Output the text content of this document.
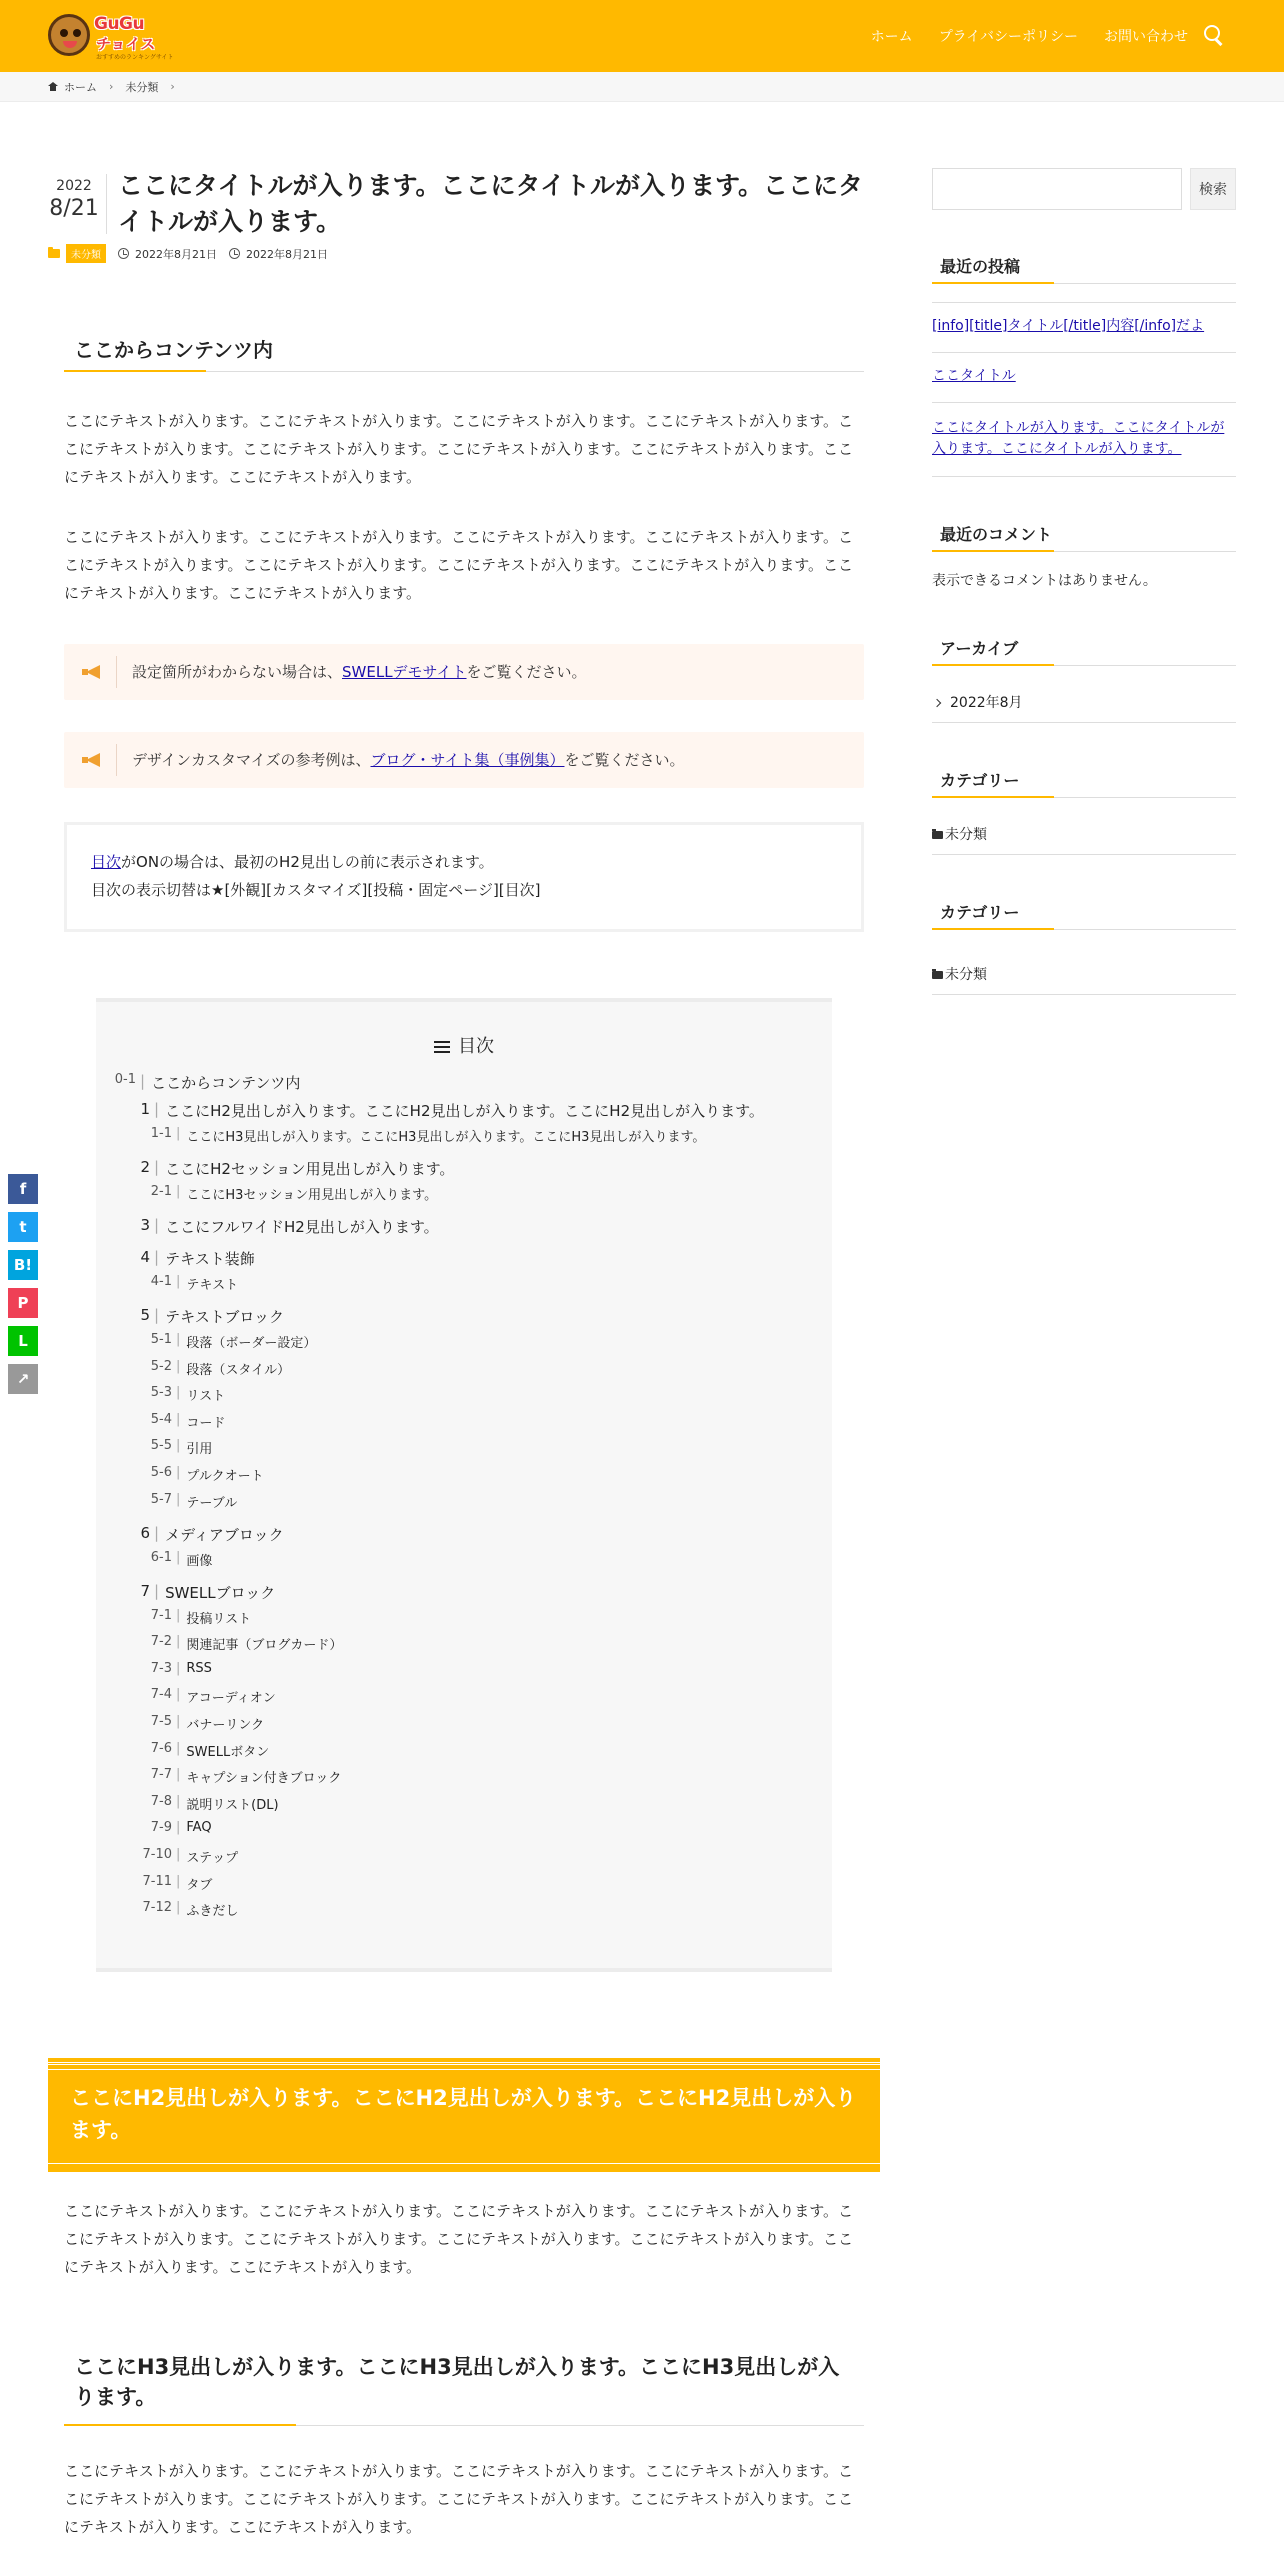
GuGu
チョイス
おすすめのランキングサイト
ホーム プライバシーポリシー お問い合わせ
ホーム › 未分類 ›
2022
8/21
ここにタイトルが入ります。ここにタイトルが入ります。ここにタイトルが入ります。
未分類	2022年8月21日	2022年8月21日
ここからコンテンツ内

ここにテキストが入ります。ここにテキストが入ります。ここにテキストが入ります。ここにテキストが入ります。ここにテキストが入ります。ここにテキストが入ります。ここにテキストが入ります。ここにテキストが入ります。ここにテキストが入ります。ここにテキストが入ります。

ここにテキストが入ります。ここにテキストが入ります。ここにテキストが入ります。ここにテキストが入ります。ここにテキストが入ります。ここにテキストが入ります。ここにテキストが入ります。ここにテキストが入ります。ここにテキストが入ります。ここにテキストが入ります。

設定箇所がわからない場合は、SWELLデモサイトをご覧ください。
デザインカスタマイズの参考例は、ブログ・サイト集（事例集）をご覧ください。
目次がONの場合は、最初のH2見出しの前に表示されます。
目次の表示切替は★[外観][カスタマイズ][投稿・固定ページ][目次]
目次
0-1 | ここからコンテンツ内
1 | ここにH2見出しが入ります。ここにH2見出しが入ります。ここにH2見出しが入ります。
1-1 | ここにH3見出しが入ります。ここにH3見出しが入ります。ここにH3見出しが入ります。
2 | ここにH2セッション用見出しが入ります。
2-1 | ここにH3セッション用見出しが入ります。
3 | ここにフルワイドH2見出しが入ります。
4 | テキスト装飾
4-1 | テキスト
5 | テキストブロック
5-1 | 段落（ボーダー設定）
5-2 | 段落（スタイル）
5-3 | リスト
5-4 | コード
5-5 | 引用
5-6 | プルクオート
5-7 | テーブル
6 | メディアブロック
6-1 | 画像
7 | SWELLブロック
7-1 | 投稿リスト
7-2 | 関連記事（ブログカード）
7-3 | RSS
7-4 | アコーディオン
7-5 | バナーリンク
7-6 | SWELLボタン
7-7 | キャプション付きブロック
7-8 | 説明リスト(DL)
7-9 | FAQ
7-10 | ステップ
7-11 | タブ
7-12 | ふきだし
ここにH2見出しが入ります。ここにH2見出しが入ります。ここにH2見出しが入ります。

ここにテキストが入ります。ここにテキストが入ります。ここにテキストが入ります。ここにテキストが入ります。ここにテキストが入ります。ここにテキストが入ります。ここにテキストが入ります。ここにテキストが入ります。ここにテキストが入ります。ここにテキストが入ります。

ここにH3見出しが入ります。ここにH3見出しが入ります。ここにH3見出しが入ります。

ここにテキストが入ります。ここにテキストが入ります。ここにテキストが入ります。ここにテキストが入ります。ここにテキストが入ります。ここにテキストが入ります。ここにテキストが入ります。ここにテキストが入ります。ここにテキストが入ります。ここにテキストが入ります。

検索
最近の投稿
[info][title]タイトル[/title]内容[/info]だよ
ここタイトル
ここにタイトルが入ります。ここにタイトルが入ります。ここにタイトルが入ります。
最近のコメント
表示できるコメントはありません。
アーカイブ
2022年8月
カテゴリー
未分類
カテゴリー
未分類
f
t
B!
P
L
↗
